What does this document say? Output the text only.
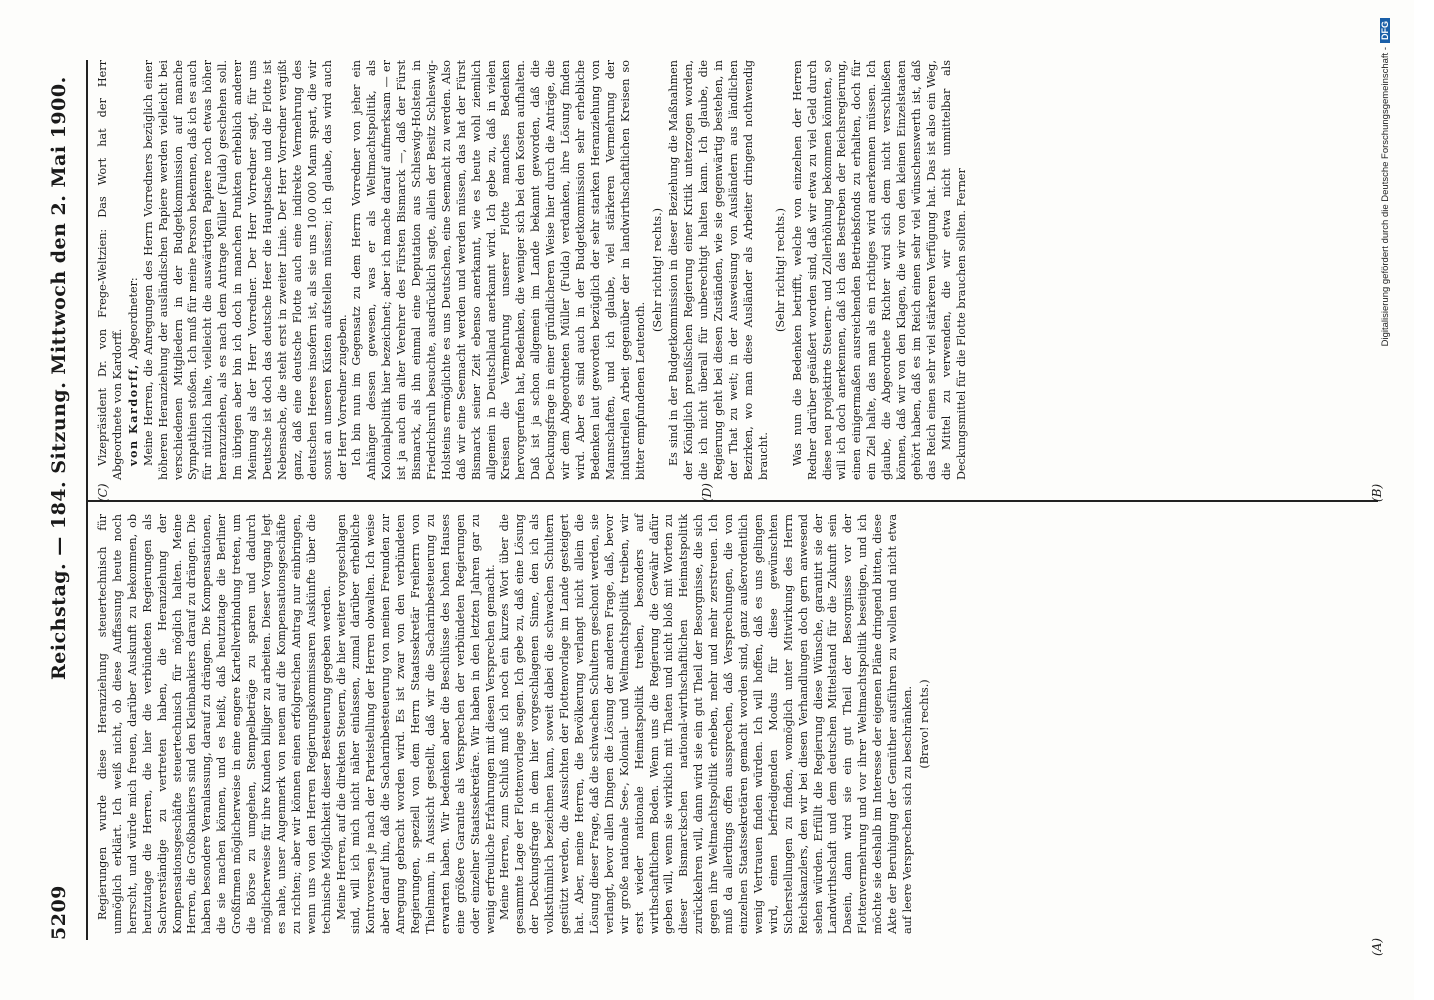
5209
Reichstag. — 184. Sitzung. Mittwoch den 2. Mai 1900. (C)	(D)
(A)
(B)

Vizepräsident Dr. von Frege-Weltzien: Das Wort hat der Herr Abgeordnete von Kardorff. von Kardorff, Abgeordneter: Meine Herren, die Anregungen des Herrn Vorredners bezüglich einer höheren Heranziehung der ausländischen Papiere werden vielleicht bei verschiedenen Mitgliedern in der Budgetkommission auf manche Sympathien stoßen. Ich muß für meine Person bekennen, daß ich es auch für nützlich halte, vielleicht die auswärtigen Papiere noch etwas höher heranzuziehen, als es nach dem Antrage Müller (Fulda) geschehen soll. Im übrigen aber bin ich doch in manchen Punkten erheblich anderer Meinung als der Herr Vorredner. Der Herr Vorredner sagt, für uns Deutsche ist doch das deutsche Heer die Hauptsache und die Flotte ist Nebensache, die steht erst in zweiter Linie. Der Herr Vorredner vergißt ganz, daß eine deutsche Flotte auch eine indirekte Vermehrung des deutschen Heeres insofern ist, als sie uns 100 000 Mann spart, die wir sonst an unseren Küsten aufstellen müssen; ich glaube, das wird auch der Herr Vorredner zugeben. Ich bin nun im Gegensatz zu dem Herrn Vorredner von jeher ein Anhänger dessen gewesen, was er als Weltmachtspolitik, als Kolonialpolitik hier bezeichnet; aber ich mache darauf aufmerksam — er ist ja auch ein alter Verehrer des Fürsten Bismarck —, daß der Fürst Bismarck, als ihn einmal eine Deputation aus Schleswig-Holstein in Friedrichsruh besuchte, ausdrücklich sagte, allein der Besitz Schleswig-Holsteins ermöglichte es uns Deutschen, eine Seemacht zu werden. Also daß wir eine Seemacht werden und werden müssen, das hat der Fürst Bismarck seiner Zeit ebenso anerkannt, wie es heute wohl ziemlich allgemein in Deutschland anerkannt wird. Ich gebe zu, daß in vielen Kreisen die Vermehrung unserer Flotte manches Bedenken hervorgerufen hat, Bedenken, die weniger sich bei den Kosten aufhalten. Daß ist ja schon allgemein im Lande bekannt geworden, daß die Deckungsfrage in einer gründlicheren Weise hier durch die Anträge, die wir dem Abgeordneten Müller (Fulda) verdanken, ihre Lösung finden wird. Aber es sind auch in der Budgetkommission sehr erhebliche Bedenken laut geworden bezüglich der sehr starken Heranziehung von Mannschaften, und ich glaube, viel stärkeren Vermehrung der industriellen Arbeit gegenüber der in landwirthschaftlichen Kreisen so bitter empfundenen Leutenoth.

(Sehr richtig! rechts.) Es sind in der Budgetkommission in dieser Beziehung die Maßnahmen der Königlich preußischen Regierung einer Kritik unterzogen worden, die ich nicht überall für unberechtigt halten kann. Ich glaube, die Regierung geht bei diesen Zuständen, wie sie gegenwärtig bestehen, in der That zu weit; in der Ausweisung von Ausländern aus ländlichen Bezirken, wo man diese Ausländer als Arbeiter dringend nothwendig braucht.

(Sehr richtig! rechts.) Was nun die Bedenken betrifft, welche von einzelnen der Herren Redner darüber geäußert worden sind, daß wir etwa zu viel Geld durch diese neu projektirte Steuern- und Zollerhöhung bekommen könnten, so will ich doch anerkennen, daß ich das Bestreben der Reichsregierung, einen einigermaßen ausreichenden Betriebsfonds zu erhalten, doch für ein Ziel halte, das man als ein richtiges wird anerkennen müssen. Ich glaube, die Abgeordnete Richter wird sich dem nicht verschließen können, daß wir von den Klagen, die wir von den kleinen Einzelstaaten gehört haben, daß es im Reich einen sehr viel wünschenswerth ist, daß das Reich einen sehr viel stärkeren Verfügung hat. Das ist also ein Weg, die Mittel zu verwenden, die wir etwa nicht unmittelbar als Deckungsmittel für die Flotte brauchen sollten. Ferner

Regierungen wurde diese Heranziehung steuertechnisch für unmöglich erklärt. Ich weiß nicht, ob diese Auffassung heute noch herrscht, und würde mich freuen, darüber Auskunft zu bekommen, ob heutzutage die Herren, die hier die verbündeten Regierungen als Sachverständige zu vertreten haben, die Heranziehung der Kompensationsgeschäfte steuertechnisch für möglich halten. Meine Herren, die Großbankiers sind den Kleinbankiers darauf zu drängen. Die haben besondere Veranlassung, darauf zu drängen. Die Kompensationen, die sie machen können, und es heißt, daß heutzutage die Berliner Großfirmen möglicherweise in eine engere Kartellverbindung treten, um die Börse zu umgehen, Stempelbeträge zu sparen und dadurch möglicherweise für ihre Kunden billiger zu arbeiten. Dieser Vorgang legt es nahe, unser Augenmerk von neuem auf die Kompensationsgeschäfte zu richten; aber wir können einen erfolgreichen Antrag nur einbringen, wenn uns von den Herren Regierungskommissaren Auskünfte über die technische Möglichkeit dieser Besteuerung gegeben werden. Meine Herren, auf die direkten Steuern, die hier weiter vorgeschlagen sind, will ich mich nicht näher einlassen, zumal darüber erhebliche Kontroversen je nach der Parteistellung der Herren obwalten. Ich weise aber darauf hin, daß die Sacharinbesteuerung von meinen Freunden zur Anregung gebracht worden wird. Es ist zwar von den verbündeten Regierungen, speziell von dem Herrn Staatssekretär Freiherrn von Thielmann, in Aussicht gestellt, daß wir die Sacharinbesteuerung zu erwarten haben. Wir bedenken aber die Beschlüsse des hohen Hauses eine größere Garantie als Versprechen der verbündeten Regierungen oder einzelner Staatssekretäre. Wir haben in den letzten Jahren gar zu wenig erfreuliche Erfahrungen mit diesen Versprechen gemacht. Meine Herren, zum Schluß muß ich noch ein kurzes Wort über die gesammte Lage der Flottenvorlage sagen. Ich gebe zu, daß eine Lösung der Deckungsfrage in dem hier vorgeschlagenen Sinne, den ich als volksthümlich bezeichnen kann, soweit dabei die schwachen Schultern gestützt werden, die Aussichten der Flottenvorlage im Lande gesteigert hat. Aber, meine Herren, die Bevölkerung verlangt nicht allein die Lösung dieser Frage, daß die schwachen Schultern geschont werden, sie verlangt, bevor allen Dingen die Lösung der anderen Frage, daß, bevor wir große nationale See-, Kolonial- und Weltmachtspolitik treiben, wir erst wieder nationale Heimatspolitik treiben, besonders auf wirthschaftlichem Boden. Wenn uns die Regierung die Gewähr dafür geben will, wenn sie wirklich mit Thaten und nicht bloß mit Worten zu dieser Bismarckschen national-wirthschaftlichen Heimatspolitik zurückkehren will, dann wird sie ein gut Theil der Besorgnisse, die sich gegen ihre Weltmachtspolitik erheben, mehr und mehr zerstreuen. Ich muß da allerdings offen aussprechen, daß Versprechungen, die von einzelnen Staatssekretären gemacht worden sind, ganz außerordentlich wenig Vertrauen finden würden. Ich will hoffen, daß es uns gelingen wird, einen befriedigenden Modus für diese gewünschten Sicherstellungen zu finden, womöglich unter Mitwirkung des Herrn Reichskanzlers, den wir bei diesen Verhandlungen doch gern anwesend sehen würden. Erfüllt die Regierung diese Wünsche, garantirt sie der Landwirthschaft und dem deutschen Mittelstand für die Zukunft sein Dasein, dann wird sie ein gut Theil der Besorgnisse vor der Flottenvermehrung und vor ihrer Weltmachtspolitik beseitigen, und ich möchte sie deshalb im Interesse der eigenen Pläne dringend bitten, diese Akte der Beruhigung der Gemüther ausführen zu wollen und nicht etwa auf leere Versprechen sich zu beschränken. (Bravo! rechts.)

Digitalisierung gefördert durch die Deutsche Forschungsgemeinschaft -DFG
